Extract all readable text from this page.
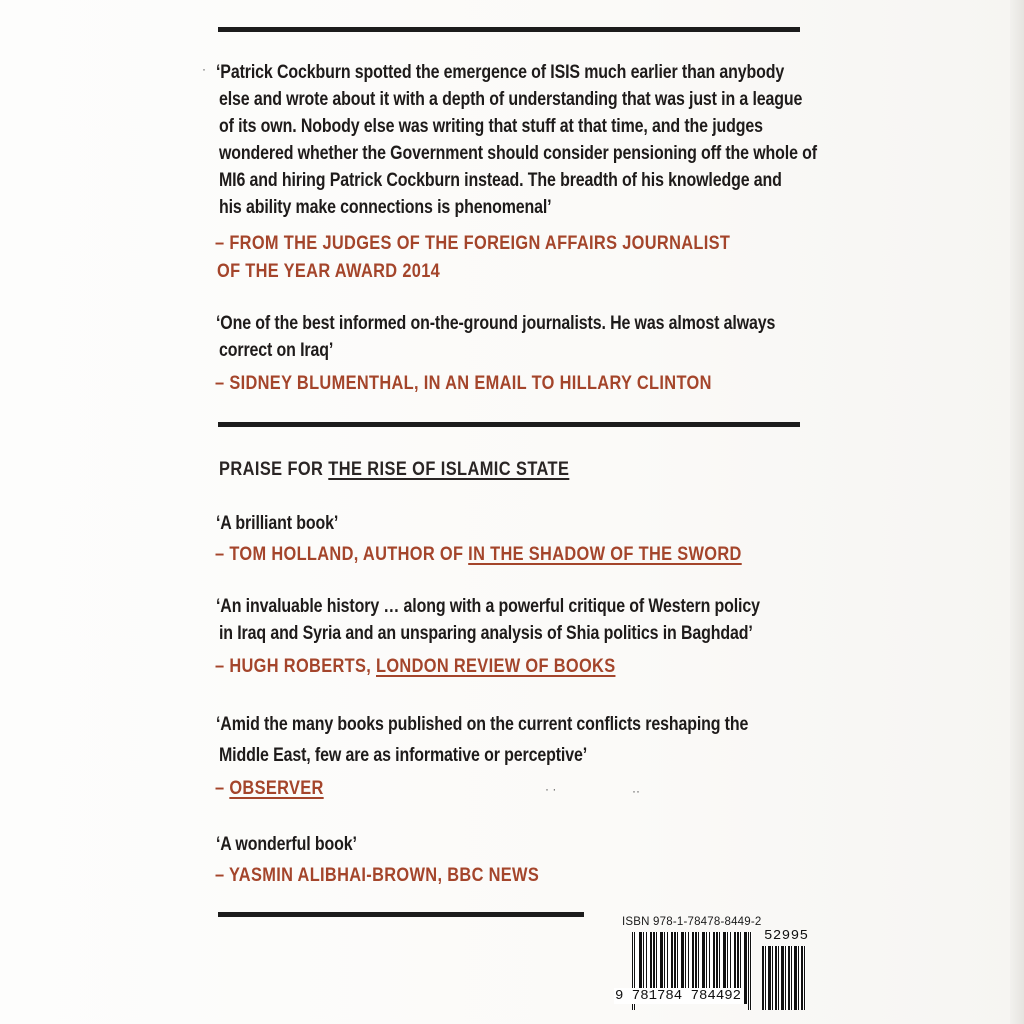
‘Patrick Cockburn spotted the emergence of ISIS much earlier than anybody

else and wrote about it with a depth of understanding that was just in a league

of its own. Nobody else was writing that stuff at that time, and the judges

wondered whether the Government should consider pensioning off the whole of

MI6 and hiring Patrick Cockburn instead. The breadth of his knowledge and

his ability make connections is phenomenal’

– FROM THE JUDGES OF THE FOREIGN AFFAIRS JOURNALIST

OF THE YEAR AWARD 2014

‘One of the best informed on-the-ground journalists. He was almost always

correct on Iraq’

– SIDNEY BLUMENTHAL, IN AN EMAIL TO HILLARY CLINTON

PRAISE FOR THE RISE OF ISLAMIC STATE

‘A brilliant book’

– TOM HOLLAND, AUTHOR OF IN THE SHADOW OF THE SWORD

‘An invaluable history … along with a powerful critique of Western policy

in Iraq and Syria and an unsparing analysis of Shia politics in Baghdad’

– HUGH ROBERTS, LONDON REVIEW OF BOOKS

‘Amid the many books published on the current conflicts reshaping the

Middle East, few are as informative or perceptive’

– OBSERVER	· ·	··
·

‘A wonderful book’

– YASMIN ALIBHAI-BROWN, BBC NEWS

ISBN 978-1-78478-8449-2

52995

9 781784 784492
